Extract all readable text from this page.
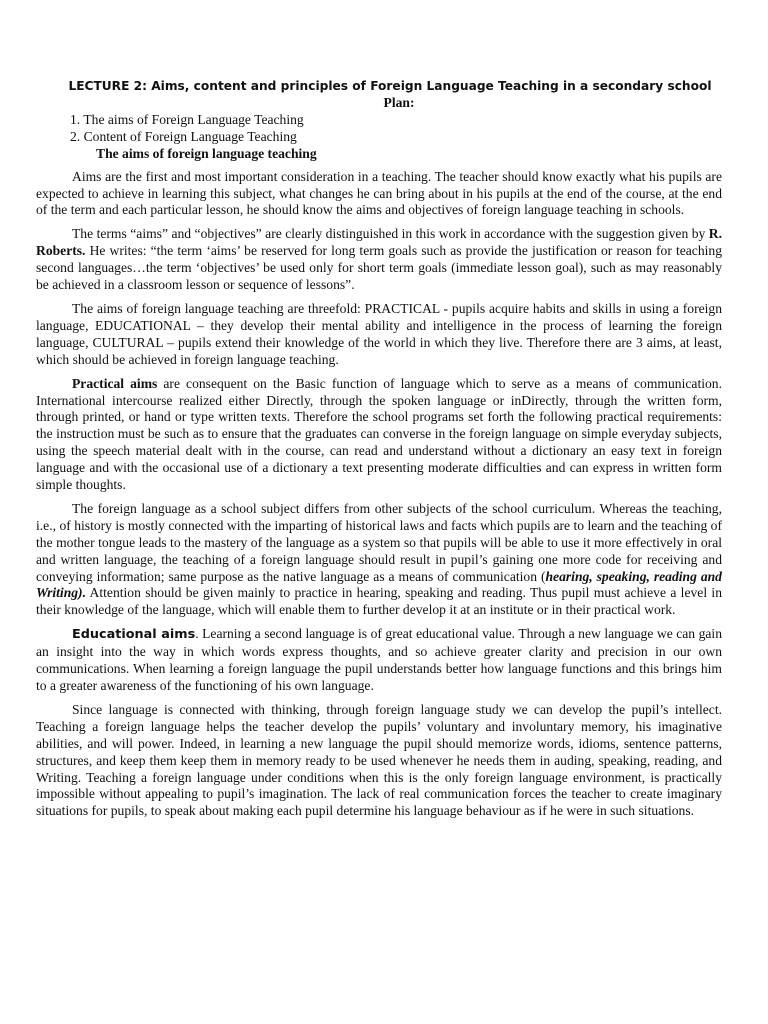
LECTURE 2: Aims, content and principles of Foreign Language Teaching in a secondary school
Plan:
1. The aims of Foreign Language Teaching
2. Content of Foreign Language Teaching
The aims of foreign language teaching

Aims are the first and most important consideration in a teaching. The teacher should know exactly what his pupils are expected to achieve in learning this subject, what changes he can bring about in his pupils at the end of the course, at the end of the term and each particular lesson, he should know the aims and objectives of foreign language teaching in schools.

The terms “aims” and “objectives” are clearly distinguished in this work in accordance with the suggestion given by R. Roberts. He writes: “the term ‘aims’ be reserved for long term goals such as provide the justification or reason for teaching second languages…the term ‘objectives’ be used only for short term goals (immediate lesson goal), such as may reasonably be achieved in a classroom lesson or sequence of lessons”.

The aims of foreign language teaching are threefold: PRACTICAL - pupils acquire habits and skills in using a foreign language, EDUCATIONAL – they develop their mental ability and intelligence in the process of learning the foreign language, CULTURAL – pupils extend their knowledge of the world in which they live. Therefore there are 3 aims, at least, which should be achieved in foreign language teaching.

Practical aims are consequent on the Basic function of language which to serve as a means of communication. International intercourse realized either Directly, through the spoken language or inDirectly, through the written form, through printed, or hand or type written texts. Therefore the school programs set forth the following practical requirements: the instruction must be such as to ensure that the graduates can converse in the foreign language on simple everyday subjects, using the speech material dealt with in the course, can read and understand without a dictionary an easy text in foreign language and with the occasional use of a dictionary a text presenting moderate difficulties and can express in written form simple thoughts.

The foreign language as a school subject differs from other subjects of the school curriculum. Whereas the teaching, i.e., of history is mostly connected with the imparting of historical laws and facts which pupils are to learn and the teaching of the mother tongue leads to the mastery of the language as a system so that pupils will be able to use it more effectively in oral and written language, the teaching of a foreign language should result in pupil’s gaining one more code for receiving and conveying information; same purpose as the native language as a means of communication (hearing, speaking, reading and Writing). Attention should be given mainly to practice in hearing, speaking and reading. Thus pupil must achieve a level in their knowledge of the language, which will enable them to further develop it at an institute or in their practical work.

Educational aims. Learning a second language is of great educational value. Through a new language we can gain an insight into the way in which words express thoughts, and so achieve greater clarity and precision in our own communications. When learning a foreign language the pupil understands better how language functions and this brings him to a greater awareness of the functioning of his own language.

Since language is connected with thinking, through foreign language study we can develop the pupil’s intellect. Teaching a foreign language helps the teacher develop the pupils’ voluntary and involuntary memory, his imaginative abilities, and will power. Indeed, in learning a new language the pupil should memorize words, idioms, sentence patterns, structures, and keep them keep them in memory ready to be used whenever he needs them in auding, speaking, reading, and Writing. Teaching a foreign language under conditions when this is the only foreign language environment, is practically impossible without appealing to pupil’s imagination. The lack of real communication forces the teacher to create imaginary situations for pupils, to speak about making each pupil determine his language behaviour as if he were in such situations.
